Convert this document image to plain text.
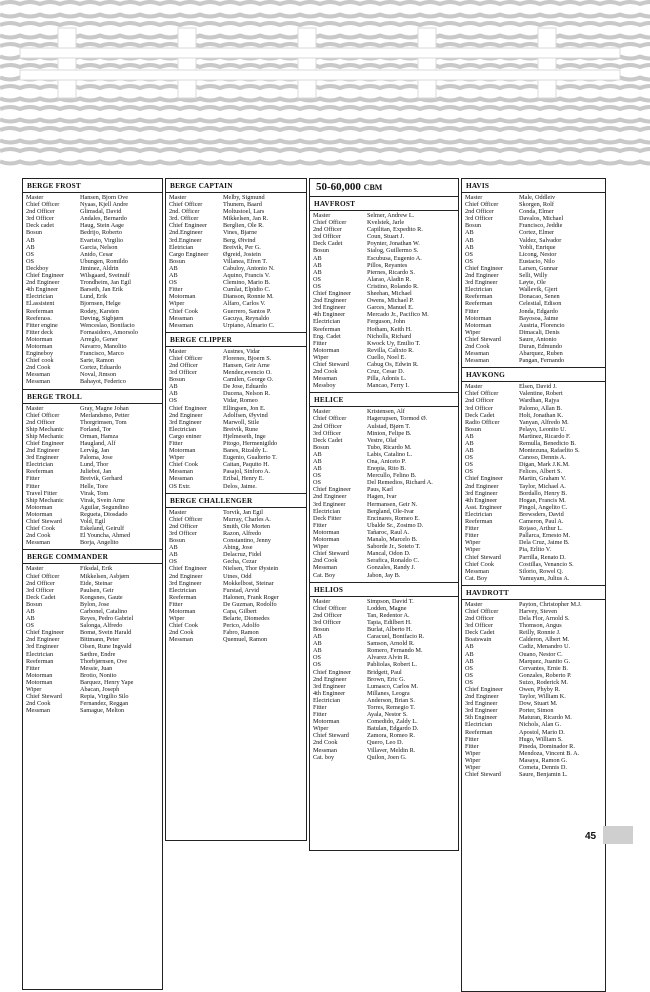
BERGE FROST
Master	Hansen, Bjorn Ove
Chief Officer	Nyaas, Kjell Andre
2nd Officer	Glimsdal, David
3rd Officer	Andales, Bernardo
Deck cadet	Haug, Stein Aage
Bosun	Bedrijo, Roberto
AB	Evaristo, Virgilio
AB	Garcia, Nelson
OS	Anido, Cesar
OS	Ubungen, Romildo
Deckboy	Jiminez, Aldrin
Chief Engineer	Wilsgaard, Sveinulf
2nd Engineer	Trondheim, Jan Egil
4th Engineer	Barseth, Jan Erik
Electrician	Lund, Erik
El.assistent	Bjornsen, Helge
Reeferman	Rodøy, Karsten
Reeferass.	Døving, Sigbjørn
Fitter engine	Wenceslao, Bonifacio
Fitter deck	Fornasidoro, Amorsolo
Motorman	Arreglo, Gener
Motorman	Navarro, Manolito
Engineboy	Francisco, Marco
Chief cook	Sarte, Ramon
2nd Cook	Cortez, Eduardo
Messman	Noval, Jimson
Messman	Bahayot, Federico
BERGE TROLL
Master	Gray, Magne Johan
Chief Officer	Merlandsmo, Petter
2nd Officer	Thorgrimsen, Tom
Ship Mechanic	Forland, Tor
Ship Mechanic	Orman, Hamza
Chief Engineer	Haugland, Alf
2nd Engineer	Lervåg, Jan
3rd Engineer	Paloma, Jose
Electrician	Lund, Thor
Reeferman	Julieboi, Jan
Fitter	Breivik, Gerhard
Fitter	Helle, Tore
Travel Fitter	Virak, Tom
Ship Mechanic	Virak, Svein Arne
Motorman	Aguilar, Segundino
Motorman	Regueta, Diosdado
Chief Steward	Vold, Egil
Chief Cook	Eskeland, Geirulf
2nd Cook	El Youncha, Ahmed
Messman	Borja, Angelito
BERGE COMMANDER
Master	Fiksdal, Erik
Chief Officer	Mikkelsen, Asbjørn
2nd Officer	Eide, Steinar
3rd Officer	Paulsen, Geir
Deck Cadet	Kongsnes, Gaute
Bosun	Bylon, Jose
AB	Carbonel, Catalino
AB	Reyes, Pedro Gabriel
OS	Salonga, Alfredo
Chief Engineer	Bomø, Svein Harald
2nd Engineer	Bittmann, Peter
3rd Engineer	Olsen, Rune Ingvald
Electrician	Sæthre, Endre
Reeferman	Thorbjørnsen, Ove
Fitter	Messie, Juan
Motorman	Brotio, Nonito
Motorman	Barquez, Henry Yape
Wiper	Abacan, Joseph
Chief Steward	Repia, Virgilio Silo
2nd Cook	Fernandez, Reggan
Messman	Samague, Melton
BERGE CAPTAIN
Master	Melby, Sigmund
Chief Officer	Thunem, Baard
2nd. Officer	Moltustoel, Lars
3rd. Officer	Mikkelsen, Jan R.
Chief Engineer	Berglien, Ole R.
2nd.Engineer	Vines, Bjarne
3rd.Engineer	Berg, Øivind
Eletrician	Breivik, Per G.
Cargo Engineer	Øgreid, Jostein
Bosun	Villanea, Efren T.
AB	Cabuloy, Antonio N.
AB	Aquino, Francis V.
OS	Clemino, Mario B.
Fitter	Cumlat, Elpidio C.
Motorman	Dianson, Ronnie M.
Wiper	Alfaro, Carlos V.
Chief Cook	Guerrero, Santos P.
Messman	Gacuya, Reynaldo
Messman	Urpiano, Almario C.
BERGE CLIPPER
Master	Austnes, Vidar
Chief Officer	Florenes, Bjoern S.
2nd Officer	Hansen, Geir Arne
3rd Officer	Mendez,evencio O.
Bosun	Camilen, George O.
AB	De Jose, Eduardo
AB	Ducena, Nelson R.
OS	Vidar, Romeo
Chief Engineer	Ellingsen, Jon E.
2nd Engineer	Adolfsen, Øyvind
3rd Engineer	Marwoll, Stile
Electrician	Breivik, Rune
Cargo eniner	Hjelmeseth, Inge
Fitter	Pitogo, Hermenigildo
Motorman	Banes, Rizaldy L.
Wiper	Eugenio, Gualterio T.
Chief Cook	Caitan, Paquito H.
Messman	Pasajol, Sinforo A.
Messman	Eribal, Henry E.
OS Extr.	Delos, Jaime.
BERGE CHALLENGER
Master	Torvik, Jan Egil
Chief Officer	Murray, Charles A.
2nd Officer	Smith, Ole Morten
3rd Officer	Razon, Alfredo
Bosun	Constantino, Jenny
AB	Abing, Jose
AB	Delacruz, Fidel
OS	Gecha, Cezar
Chief Engineer	Nielsen, Thor Øystein
2nd Engineer	Utnes, Odd
3rd Engineer	Mokkelbost, Steinar
Electrician	Furstad, Arvid
Reeferman	Halonen, Frank Roger
Fitter	De Guzman, Rodolfo
Motorman	Capa, Gilbert
Wiper	Belarte, Diomedes
Chief Cook	Perico, Adolfo
2nd Cook	Fabro, Ramon
Messman	Quemuel, Ramon
50-60,000 CBM
HAVFROST
Master	Selmer, Andrew L.
Chief Officer	Kvelstek, Jarle
2nd Officer	Capilitan, Expedito R.
3rd Officer	Coun, Stuart J.
Deck Cadet	Poynter, Jonathan W.
Bosun	Sialog, Guillermo S.
AB	Escubusa, Eugenio A.
AB	Pillos, Reyantes
AB	Piernes, Ricardo S.
OS	Alarao, Aladin R.
OS	Cristino, Rolando R.
Chief Engineer	Sheehan, Michael
2nd Engineer	Owens, Michael P.
3rd Engineer	Garces, Manuel E.
4th Engineer	Mercado Jr., Pacifico M.
Electrician	Ferguson, John
Reeferman	Hotham, Keith H.
Eng. Cadet	Nicholls, Richard
Fitter	Kwock Uy, Emilio T.
Motorman	Revilla, Calixto R.
Wiper	Cuello, Noel E.
Chief Steward	Cabug Os, Edwin R.
2nd Cook	Cruz, Cesar D.
Messman	Pilla, Adonis L.
Messboy	Mancao, Ferry I.
HELICE
Master	Kristensen, Alf
Chief Officer	Hagerupsen, Tormod Ø.
2nd Officer	Aulstad, Bjørn T.
3rd Officer	Minion, Felipe B.
Deck Cadet	Vestre, Olaf
Bosun	Tubo, Ricardo M.
AB	Labis, Catalino L.
AB	Ona, Aniceto P.
AB	Enopia, Rito B.
OS	Mercullo, Felino B.
OS	Del Remedios, Richard A.
Chief Engineer	Paus, Karl
2nd Engineer	Hagen, Ivar
3rd Engineer	Hermansen, Geir N.
Electrician	Bergland, Ole-Ivar
Deck Fitter	Encinares, Romeo E.
Fitter	Ubalde Sr., Zosimo D.
Motorman	Tañaroc, Raul A.
Motorman	Manalo, Marcelo B.
Wiper	Saborde Jr., Soteto T.
Chief Steward	Mancal, Odon D.
2nd Cook	Serafica, Ronaldo C.
Messman	Gonzales, Randy J.
Cat. Boy	Jabon, Jay B.
HELIOS
Master	Simpson, David T.
Chief Officer	Lodden, Magne
2nd Officer	Tan, Redentor A.
3rd Officer	Tapia, Edilbert H.
Bosun	Burlat, Alberto H.
AB	Caracuel, Bonifacio R.
AB	Samson, Arnold R.
AB	Romero, Fernando M.
OS	Alvarez Alvin R.
OS	Pabliolas, Robert L.
Chief Engineer	Bridgett, Paul
2nd Engineer	Brown, Eric G.
3rd Engineer	Lumasco, Carlos M.
4th Engineer	Millanes, Leogra
Electrician	Anderson, Brian S.
Fitter	Torres, Remegio T.
Fitter	Ayala, Nestor S.
Motorman	Comedido, Zaldy L.
Wiper	Batulan, Edgardo D.
Chief Steward	Zamora, Romeo R.
2nd Cook	Quero, Leo D.
Messman	Villaver, Meldin R.
Cat. boy	Quilon, Joen G.
HAVIS
Master	Male, Oddleiv
Chief Officer	Skorgen, Rolf
2nd Officer	Conda, Elmer
3rd Officer	Davalos, Michael
Bosun	Francisco, Jeddie
AB	Cortez, Elmer
AB	Valdez, Salvador
AB	Yobli, Enrique
OS	Licong, Nestor
OS	Eustacio, Nilo
Chief Engineer	Larsen, Gunnar
2nd Engineer	Selli, Willy
3rd Engineer	Løyte, Ole
Electrician	Wallevik, Gjert
Reeferman	Donacao, Senen
Reeferman	Celestial, Edison
Fitter	Jonda, Edgardo
Motorman	Bayosoa, Jaime
Motorman	Austria, Florencio
Wiper	Dimacali, Denis
Chief Steward	Saure, Antonio
2nd Cook	Duran, Edmundo
Messman	Abarquez, Ruben
Messman	Pangan, Fernando
HAVKONG
Master	Elsen, David J.
Chief Officer	Valentine, Robert
2nd Officer	Wardhan, Rajya
3rd Officer	Palomo, Allan B.
Deck Cadet	Holt, Jonathan K.
Radio Officer	Yanyan, Alfredo M.
Bosun	Pelayo, Leonito U.
AB	Martinez, Ricardo F.
AB	Remulla, Benedicto B.
AB	Montezuna, Rafaelito S.
OS	Canoso, Dennis A.
OS	Digan, Mark J.K.M.
OS	Felices, Albert S.
Chief Engineer	Martin, Graham V.
2nd Engineer	Taylor, Michael A.
3rd Engineer	Bordallo, Henry B.
4th Engineer	Hogan, Francis M.
Asst. Engineer	Pingol, Angelito C.
Electrician	Brewsders, David
Reeferman	Cameron, Paul A.
Fitter	Rojaso, Arthur L.
Fitter	Pallarca, Ernesto M.
Wiper	Dela Cruz, Jaime B.
Wiper	Pia, Erlito V.
Chief Steward	Parrilla, Renato D.
Chief Cook	Costillas, Venancio S.
Messman	Silorio, Rowel Q.
Cat. Boy	Yamuyam, Julius A.
HAVDROTT
Master	Payton, Christopher M.J.
Chief Officer	Harvey, Steven
2nd Officer	Dela Flor, Arnold S.
3rd Officer	Thomson, Angus
Deck Cadet	Reilly, Ronnie J.
Boatswain	Calderon, Albert M.
AB	Cadiz, Menandro U.
AB	Ouano, Nestor C.
AB	Marquez, Juanito G.
OS	Cervantes, Ernie B.
OS	Gonzales, Roberto P.
OS	Suizo, Roderick M.
Chief Engineer	Owen, Phyby R.
2nd Engineer	Taylor, William K.
3rd Engineer	Dow, Stuart M.
3rd Engineer	Porter, Simon
5th Engineer	Maturan, Ricardo M.
Electrician	Nichols, Alan G.
Reeferman	Apostol, Mario D.
Fitter	Hugo, William S.
Fitter	Pineda, Dominador R.
Wiper	Mendoza, Vincent B. A.
Wiper	Masaya, Ramon G.
Wiper	Cometa, Dennis D.
Chief Steward	Saure, Benjamin L.
45
